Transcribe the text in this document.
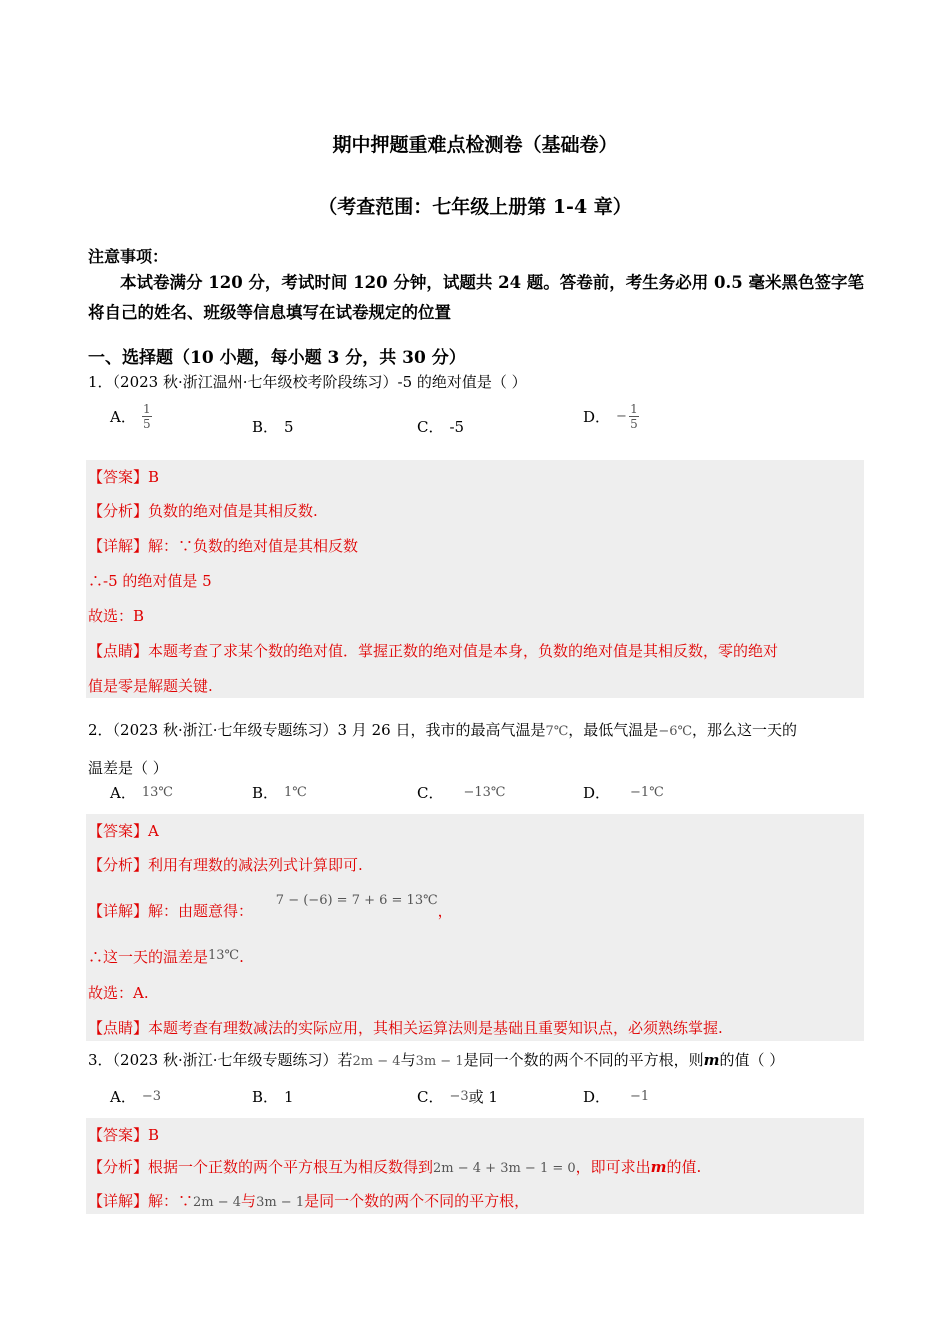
期中押题重难点检测卷（基础卷）
（考查范围：七年级上册第 1-4 章）
注意事项：
本试卷满分 120 分，考试时间 120 分钟，试题共 24 题。答卷前，考生务必用 0.5 毫米黑色签字笔将自己的姓名、班级等信息填写在试卷规定的位置
一、选择题（10 小题，每小题 3 分，共 30 分）
1．（2023 秋·浙江温州·七年级校考阶段练习）-5 的绝对值是（ ）
A． $\frac{1}{5}$	B． 5	C． -5
D． − $\frac{1}{5}$
【答案】B
【分析】负数的绝对值是其相反数.
【详解】解：∵负数的绝对值是其相反数
∴-5 的绝对值是 5
故选：B
【点睛】本题考查了求某个数的绝对值．掌握正数的绝对值是本身，负数的绝对值是其相反数，零的绝对
值是零是解题关键.
2．（2023 秋·浙江·七年级专题练习）3 月 26 日，我市的最高气温是7℃，最低气温是−6℃，那么这一天的
温差是（ ）
A． 13℃	B． 1℃	C． −13℃	D． −1℃
【答案】A
【分析】利用有理数的减法列式计算即可.
【详解】解：由题意得： 7 − (−6) = 7 + 6 = 13℃，
∴这一天的温差是13℃.
故选：A.
【点睛】本题考查有理数减法的实际应用，其相关运算法则是基础且重要知识点，必须熟练掌握.
3．（2023 秋·浙江·七年级专题练习）若2m − 4与3m − 1是同一个数的两个不同的平方根，则m的值（ ）
A． −3	B． 1	C． −3 或 1	D． −1
【答案】B
【分析】根据一个正数的两个平方根互为相反数得到2m − 4 + 3m − 1 = 0，即可求出m的值.
【详解】解：∵2m − 4与3m − 1是同一个数的两个不同的平方根，
